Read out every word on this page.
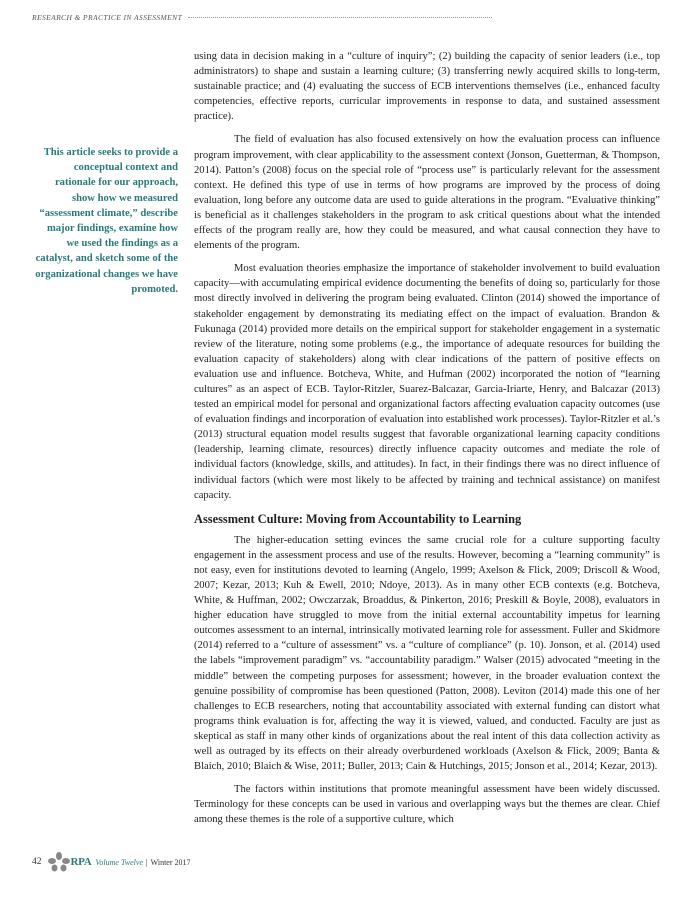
RESEARCH & PRACTICE IN ASSESSMENT
This article seeks to provide a conceptual context and rationale for our approach, show how we measured “assessment climate,” describe major findings, examine how we used the findings as a catalyst, and sketch some of the organizational changes we have promoted.

using data in decision making in a “culture of inquiry”; (2) building the capacity of senior leaders (i.e., top administrators) to shape and sustain a learning culture; (3) transferring newly acquired skills to long-term, sustainable practice; and (4) evaluating the success of ECB interventions themselves (i.e., enhanced faculty competencies, effective reports, curricular improvements in response to data, and sustained assessment practice).

The field of evaluation has also focused extensively on how the evaluation process can influence program improvement, with clear applicability to the assessment context (Jonson, Guetterman, & Thompson, 2014). Patton’s (2008) focus on the special role of “process use” is particularly relevant for the assessment context. He defined this type of use in terms of how programs are improved by the process of doing evaluation, long before any outcome data are used to guide alterations in the program. “Evaluative thinking” is beneficial as it challenges stakeholders in the program to ask critical questions about what the intended effects of the program really are, how they could be measured, and what causal connection they have to elements of the program.

Most evaluation theories emphasize the importance of stakeholder involvement to build evaluation capacity—with accumulating empirical evidence documenting the benefits of doing so, particularly for those most directly involved in delivering the program being evaluated. Clinton (2014) showed the importance of stakeholder engagement by demonstrating its mediating effect on the impact of evaluation. Brandon & Fukunaga (2014) provided more details on the empirical support for stakeholder engagement in a systematic review of the literature, noting some problems (e.g., the importance of adequate resources for building the evaluation capacity of stakeholders) along with clear indications of the pattern of positive effects on evaluation use and influence. Botcheva, White, and Hufman (2002) incorporated the notion of “learning cultures” as an aspect of ECB. Taylor-Ritzler, Suarez-Balcazar, Garcia-Iriarte, Henry, and Balcazar (2013) tested an empirical model for personal and organizational factors affecting evaluation capacity outcomes (use of evaluation findings and incorporation of evaluation into established work processes). Taylor-Ritzler et al.’s (2013) structural equation model results suggest that favorable organizational learning capacity conditions (leadership, learning climate, resources) directly influence capacity outcomes and mediate the role of individual factors (knowledge, skills, and attitudes). In fact, in their findings there was no direct influence of individual factors (which were most likely to be affected by training and technical assistance) on manifest capacity.

Assessment Culture: Moving from Accountability to Learning

The higher-education setting evinces the same crucial role for a culture supporting faculty engagement in the assessment process and use of the results. However, becoming a “learning community” is not easy, even for institutions devoted to learning (Angelo, 1999; Axelson & Flick, 2009; Driscoll & Wood, 2007; Kezar, 2013; Kuh & Ewell, 2010; Ndoye, 2013). As in many other ECB contexts (e.g. Botcheva, White, & Huffman, 2002; Owczarzak, Broaddus, & Pinkerton, 2016; Preskill & Boyle, 2008), evaluators in higher education have struggled to move from the initial external accountability impetus for learning outcomes assessment to an internal, intrinsically motivated learning role for assessment. Fuller and Skidmore (2014) referred to a “culture of assessment” vs. a “culture of compliance” (p. 10). Jonson, et al. (2014) used the labels “improvement paradigm” vs. “accountability paradigm.” Walser (2015) advocated “meeting in the middle” between the competing purposes for assessment; however, in the broader evaluation context the genuine possibility of compromise has been questioned (Patton, 2008). Leviton (2014) made this one of her challenges to ECB researchers, noting that accountability associated with external funding can distort what programs think evaluation is for, affecting the way it is viewed, valued, and conducted. Faculty are just as skeptical as staff in many other kinds of organizations about the real intent of this data collection activity as well as outraged by its effects on their already overburdened workloads (Axelson & Flick, 2009; Banta & Blaich, 2010; Blaich & Wise, 2011; Buller, 2013; Cain & Hutchings, 2015; Jonson et al., 2014; Kezar, 2013).

The factors within institutions that promote meaningful assessment have been widely discussed. Terminology for these concepts can be used in various and overlapping ways but the themes are clear. Chief among these themes is the role of a supportive culture, which

42	RPA Volume Twelve | Winter 2017
